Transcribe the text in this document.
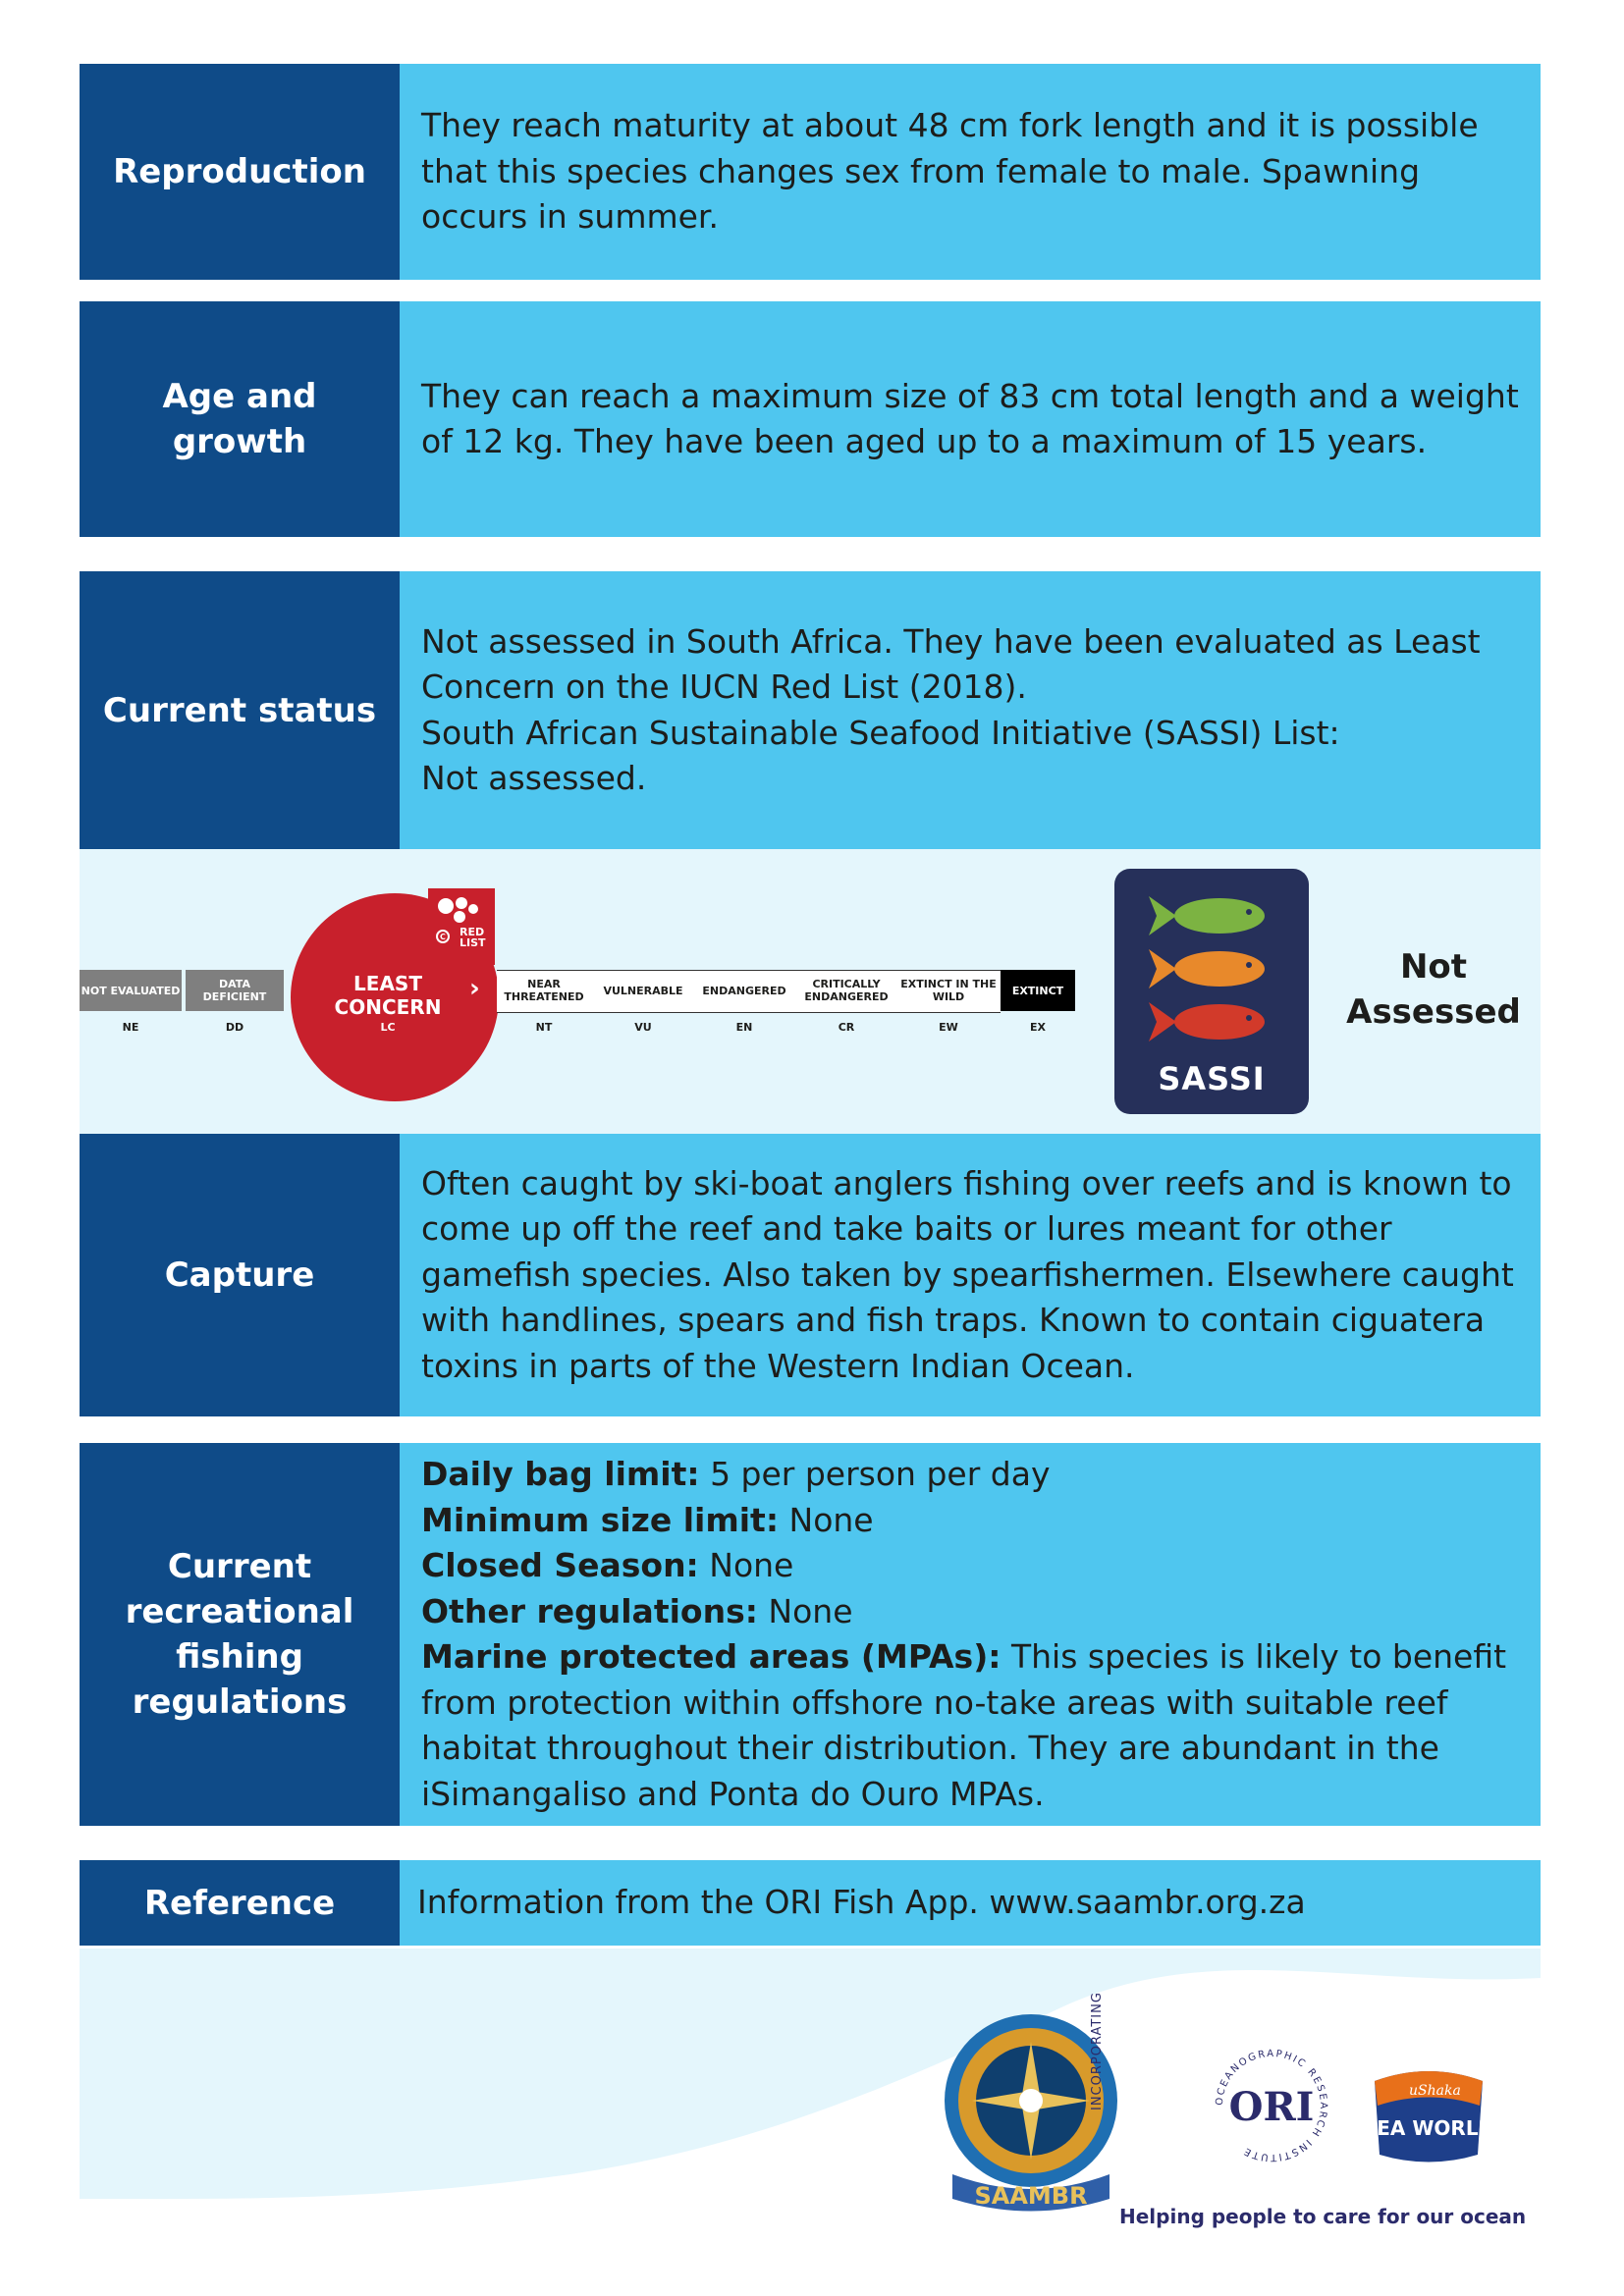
Reproduction

They reach maturity at about 48 cm fork length and it is possible that this species changes sex from female to male. Spawning occurs in summer.

Age and growth

They can reach a maximum size of 83 cm total length and a weight of 12 kg. They have been aged up to a maximum of 15 years.

Current status

Not assessed in South Africa. They have been evaluated as Least Concern on the IUCN Red List (2018).

South African Sustainable Seafood Initiative (SASSI) List:

Not assessed.

NOT EVALUATED	DATA DEFICIENT
NE	DD
C RED LIST
LEAST CONCERN
LC
›	NEAR THREATENED	VULNERABLE	ENDANGERED	CRITICALLY ENDANGERED
EXTINCT IN THE WILD	EXTINCT
NT	VU	EN	CR	EW	EX
SASSI
Not Assessed
Capture

Often caught by ski-boat anglers fishing over reefs and is known to come up off the reef and take baits or lures meant for other gamefish species. Also taken by spearfishermen. Elsewhere caught with handlines, spears and fish traps. Known to contain ciguatera toxins in parts of the Western Indian Ocean.

Current recreational fishing regulations

Daily bag limit: 5 per person per day

Minimum size limit: None

Closed Season: None

Other regulations: None

Marine protected areas (MPAs): This species is likely to benefit from protection within offshore no-take areas with suitable reef habitat throughout their distribution. They are abundant in the iSimangaliso and Ponta do Ouro MPAs.

Reference	Information from the ORI Fish App. www.saambr.org.za

SAAMBR
INCORPORATING	OCEANOGRAPHIC RESEARCH INSTITUTE
ORI	uShaka
SEA WORLD
Helping people to care for our ocean
